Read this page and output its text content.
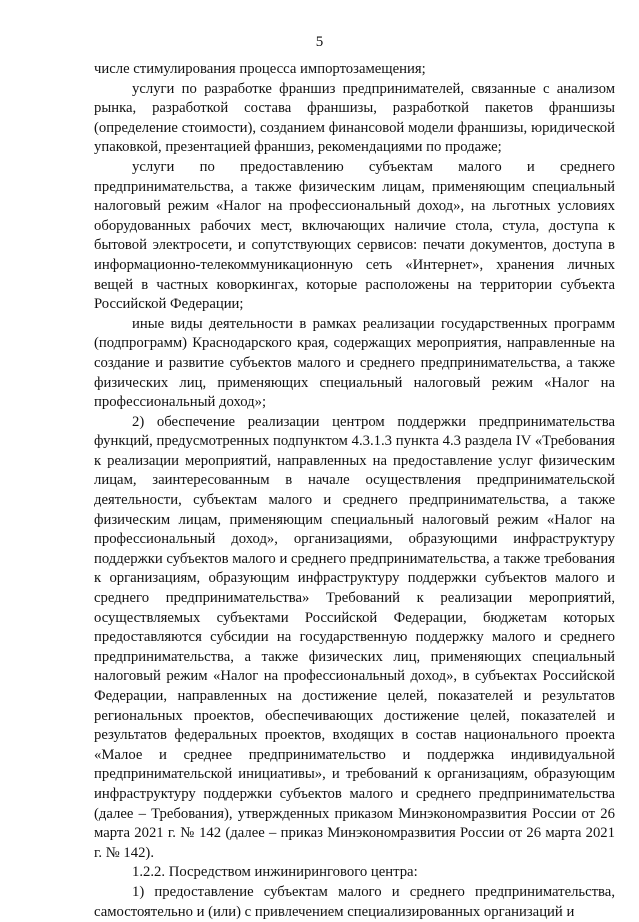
5

числе стимулирования процесса импортозамещения;

услуги по разработке франшиз предпринимателей, связанные с анализом рынка, разработкой состава франшизы, разработкой пакетов франшизы (определение стоимости), созданием финансовой модели франшизы, юридической упаковкой, презентацией франшиз, рекомендациями по продаже;

услуги по предоставлению субъектам малого и среднего предпринимательства, а также физическим лицам, применяющим специальный налоговый режим «Налог на профессиональный доход», на льготных условиях оборудованных рабочих мест, включающих наличие стола, стула, доступа к бытовой электросети, и сопутствующих сервисов: печати документов, доступа в информационно-телекоммуникационную сеть «Интернет», хранения личных вещей в частных коворкингах, которые расположены на территории субъекта Российской Федерации;

иные виды деятельности в рамках реализации государственных программ (подпрограмм) Краснодарского края, содержащих мероприятия, направленные на создание и развитие субъектов малого и среднего предпринимательства, а также физических лиц, применяющих специальный налоговый режим «Налог на профессиональный доход»;

2) обеспечение реализации центром поддержки предпринимательства функций, предусмотренных подпунктом 4.3.1.3 пункта 4.3 раздела IV «Требования к реализации мероприятий, направленных на предоставление услуг физическим лицам, заинтересованным в начале осуществления предпринимательской деятельности, субъектам малого и среднего предпринимательства, а также физическим лицам, применяющим специальный налоговый режим «Налог на профессиональный доход», организациями, образующими инфраструктуру поддержки субъектов малого и среднего предпринимательства, а также требования к организациям, образующим инфраструктуру поддержки субъектов малого и среднего предпринимательства» Требований к реализации мероприятий, осуществляемых субъектами Российской Федерации, бюджетам которых предоставляются субсидии на государственную поддержку малого и среднего предпринимательства, а также физических лиц, применяющих специальный налоговый режим «Налог на профессиональный доход», в субъектах Российской Федерации, направленных на достижение целей, показателей и результатов региональных проектов, обеспечивающих достижение целей, показателей и результатов федеральных проектов, входящих в состав национального проекта «Малое и среднее предпринимательство и поддержка индивидуальной предпринимательской инициативы», и требований к организациям, образующим инфраструктуру поддержки субъектов малого и среднего предпринимательства (далее – Требования), утвержденных приказом Минэкономразвития России от 26 марта 2021 г. № 142 (далее – приказ Минэкономразвития России от 26 марта 2021 г. № 142).

1.2.2. Посредством инжинирингового центра:

1) предоставление субъектам малого и среднего предпринимательства, самостоятельно и (или) с привлечением специализированных организаций и
